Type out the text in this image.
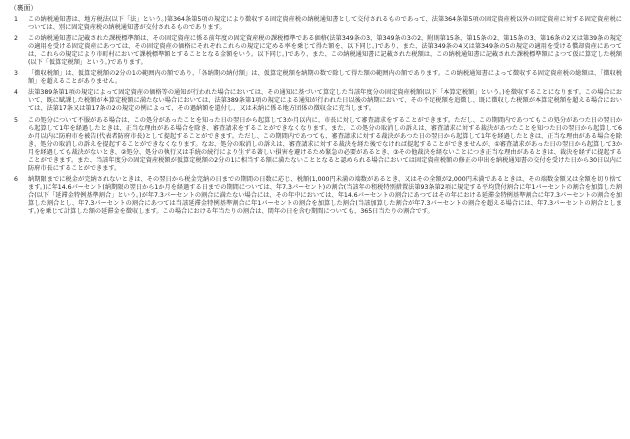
（裏面）
1	この納税通知書は、地方税法(以下「法」という。)第364条第5項の規定により徴収する固定資産税の納税通知書として交付されるものであって、法第364条第5項の固定資産税以外の固定資産に対する固定資産税については、別に固定資産税の納税通知書が交付されるものであります。

2	この納税通知書に記載された課税標準額は、その固定資産に係る前年度の固定資産税の課税標準である価格(法第349条の3、第349条の3の2、附則第15条、第15条の2、第15条の3、第16条の2又は第39条の規定の適用を受ける固定資産にあつては、その固定資産の価格にそれぞれこれらの規定に定める率を乗じて得た額を、以下同じ。)であり、また、法第349条の4又は第349条の5の規定の適用を受ける償却資産にあつては、これらの規定により市町村において課税標準額とすることとなる金額をいう。以下同じ。)であり、また、この納税通知書に記載された税額は、この納税通知書に記載された課税標準額によつて仮に算定した税額(以下「仮算定税額」という。)であります。

3	「徴収税額」は、仮算定税額の2分の1の範囲内の額であり、「各納期の納付額」は、仮算定税額を納期の数で除して得た額の範囲内の額であります。この納税通知書によって徴収する固定資産税の総額は、「徴収税額」を超えることがありません。

4	法第389条第1項の規定によって固定資産の価格等の通知が行われた場合においては、その通知に基づいて算定した当該年度分の固定資産税額(以下「本算定税額」という。)を徴収することになります。この場合において、既に賦課した税額が本算定税額に満たない場合においては、法第389条第1項の規定による通知が行われた日以後の納期において、その不足税額を追徴し、既に徴収した税額が本算定税額を超える場合においては、法第17条又は第17条の2の規定の例によって、その過納額を還付し、又は未納に係る地方団体の徴収金に充当します。

5	この処分について不服がある場合は、この処分があったことを知った日の翌日から起算して3か月以内に、市長に対して審査請求をすることができます。ただし、この期間内であつてもこの処分があつた日の翌日から起算して1年を経過したときは、正当な理由がある場合を除き、審査請求をすることができなくなります。また、この処分の取消しの訴えは、審査請求に対する裁決があつたことを知つた日の翌日から起算して6か月以内に防府市を被告(代表者防府市長)として提起することができます。ただし、この期間内であつても、審査請求に対する裁決があつた日の翌日から起算して1年を経過したときは、正当な理由がある場合を除き、処分の取消しの訴えを提起することができなくなります。なお、処分の取消しの訴えは、審査請求に対する裁決を経た後でなければ提起することができませんが、①審査請求があった日の翌日から起算して3か月を経過しても裁決がないとき、②処分、処分の執行又は手続の続行により生ずる著しい損害を避けるため緊急の必要があるとき、③その他裁決を経ないことにつき正当な理由があるときは、裁決を経ずに提起することができます。また、当該年度分の固定資産税額が仮算定税額の2分の1に相当する額に満たないこととなると認められる場合においては固定資産税額の修正の申出を納税通知書の交付を受けた日から30日以内に防府市長にすることができます。

6	納期限までに税金が完納されないときは、その翌日から税金完納の日までの期間の日数に応じ、税額(1,000円未満の端数があるとき、又はその全額が2,000円未満であるときは、その端数金額又は全額を切り捨てます。)に年14.6パーセント(納期限の翌日から1か月を経過する日までの期間については、年7.3パーセント)の割合(当該年の租税特別措置法第93条第2項に規定する平均貸付割合に年1パーセントの割合を加算した割合(以下「延滞金特例基準割合」という。)が年7.3パーセントの割合に満たない場合には、その年中においては、年14.6パーセントの割合にあつてはその年における延滞金特例基準割合に年7.3パーセントの割合を加算した割合とし、年7.3パーセントの割合にあつては当該延滞金特例基準割合に年1パーセントの割合を加算した割合(当該加算した割合が年7.3パーセントの割合を超える場合には、年7.3パーセントの割合とします。)を乗じて計算した額の延滞金を徴収します。この場合における年当たりの割合は、閏年の日を含む期間についても、365日当たりの割合です。
